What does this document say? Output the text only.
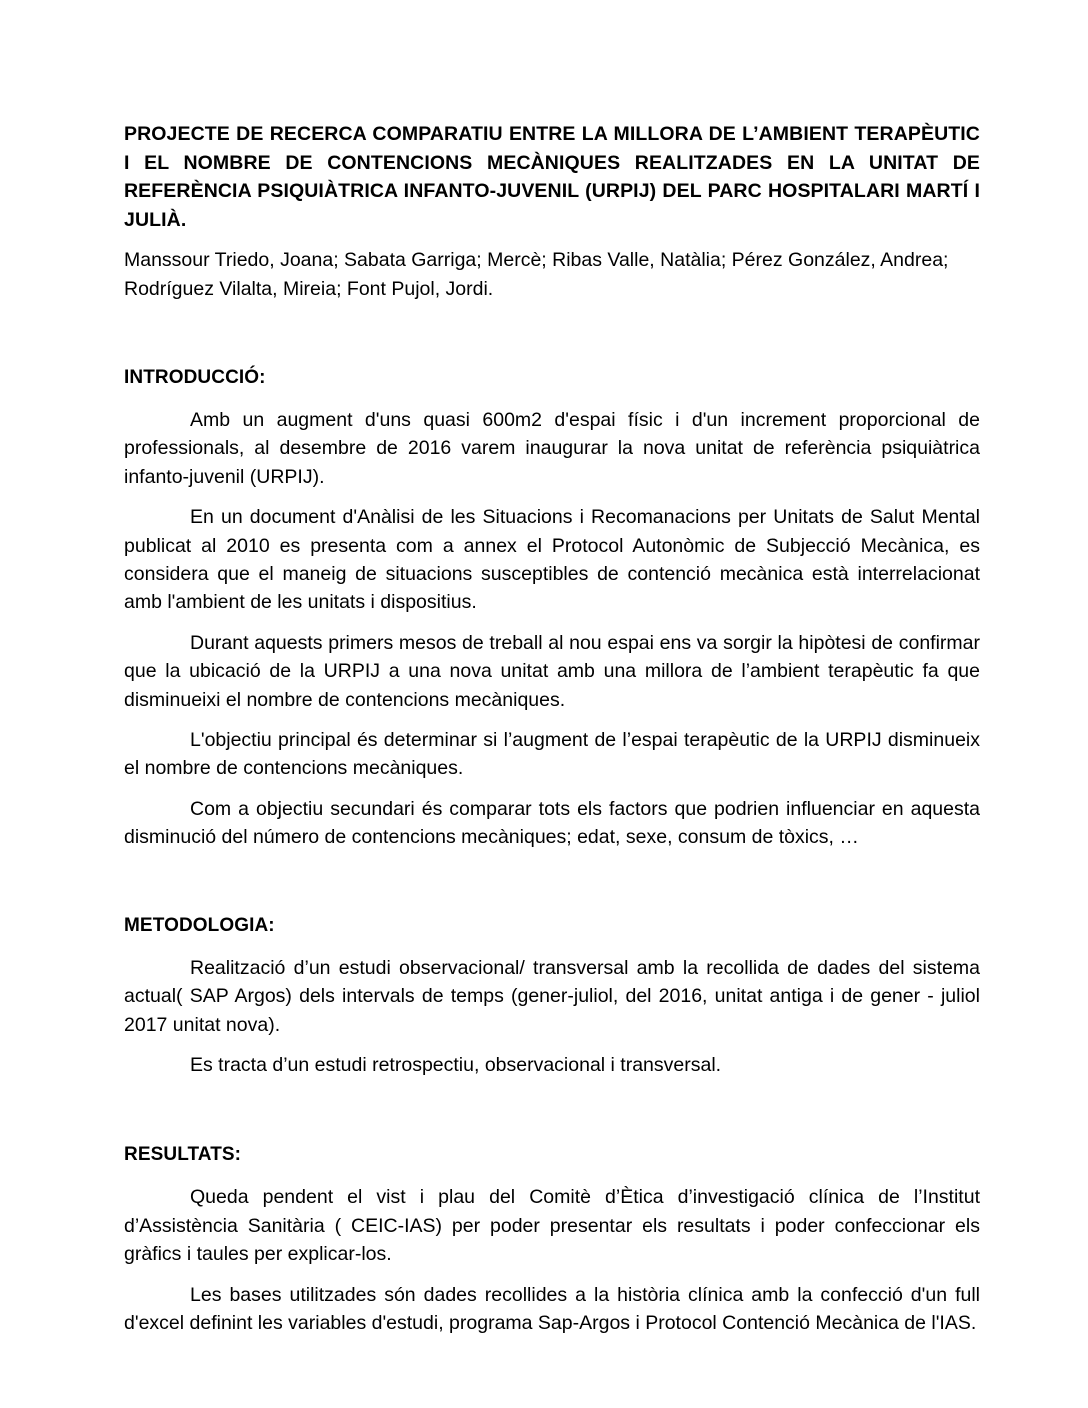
PROJECTE DE RECERCA COMPARATIU ENTRE LA MILLORA DE L’AMBIENT TERAPÈUTIC I EL NOMBRE DE CONTENCIONS MECÀNIQUES REALITZADES EN LA UNITAT DE REFERÈNCIA PSIQUIÀTRICA INFANTO-JUVENIL (URPIJ) DEL PARC HOSPITALARI MARTÍ I JULIÀ.

Manssour Triedo, Joana; Sabata Garriga; Mercè; Ribas Valle, Natàlia; Pérez González, Andrea; Rodríguez Vilalta, Mireia; Font Pujol, Jordi.

INTRODUCCIÓ:

Amb un augment d'uns quasi 600m2 d'espai físic i d'un increment proporcional de professionals, al desembre de 2016 varem inaugurar la nova unitat de referència psiquiàtrica infanto-juvenil (URPIJ).

En un document d'Anàlisi de les Situacions i Recomanacions per Unitats de Salut Mental publicat al 2010 es presenta com a annex el Protocol Autonòmic de Subjecció Mecànica, es considera que el maneig de situacions susceptibles de contenció mecànica està interrelacionat amb l'ambient de les unitats i dispositius.

Durant aquests primers mesos de treball al nou espai ens va sorgir la hipòtesi de confirmar que la ubicació de la URPIJ a una nova unitat amb una millora de l’ambient terapèutic fa que disminueixi el nombre de contencions mecàniques.

L'objectiu principal és determinar si l’augment de l’espai terapèutic de la URPIJ disminueix el nombre de contencions mecàniques.

Com a objectiu secundari és comparar tots els factors que podrien influenciar en aquesta disminució del número de contencions mecàniques; edat, sexe, consum de tòxics, …

METODOLOGIA:

Realització d’un estudi observacional/ transversal amb la recollida de dades del sistema actual( SAP Argos) dels intervals de temps (gener-juliol, del 2016, unitat antiga i de gener - juliol 2017 unitat nova).

Es tracta d’un estudi retrospectiu, observacional i transversal.

RESULTATS:

Queda pendent el vist i plau del Comitè d’Ètica d’investigació clínica de l’Institut d’Assistència Sanitària ( CEIC-IAS) per poder presentar els resultats i poder confeccionar els gràfics i taules per explicar-los.

Les bases utilitzades són dades recollides a la història clínica amb la confecció d'un full d'excel definint les variables d'estudi, programa Sap-Argos i Protocol Contenció Mecànica de l'IAS.
